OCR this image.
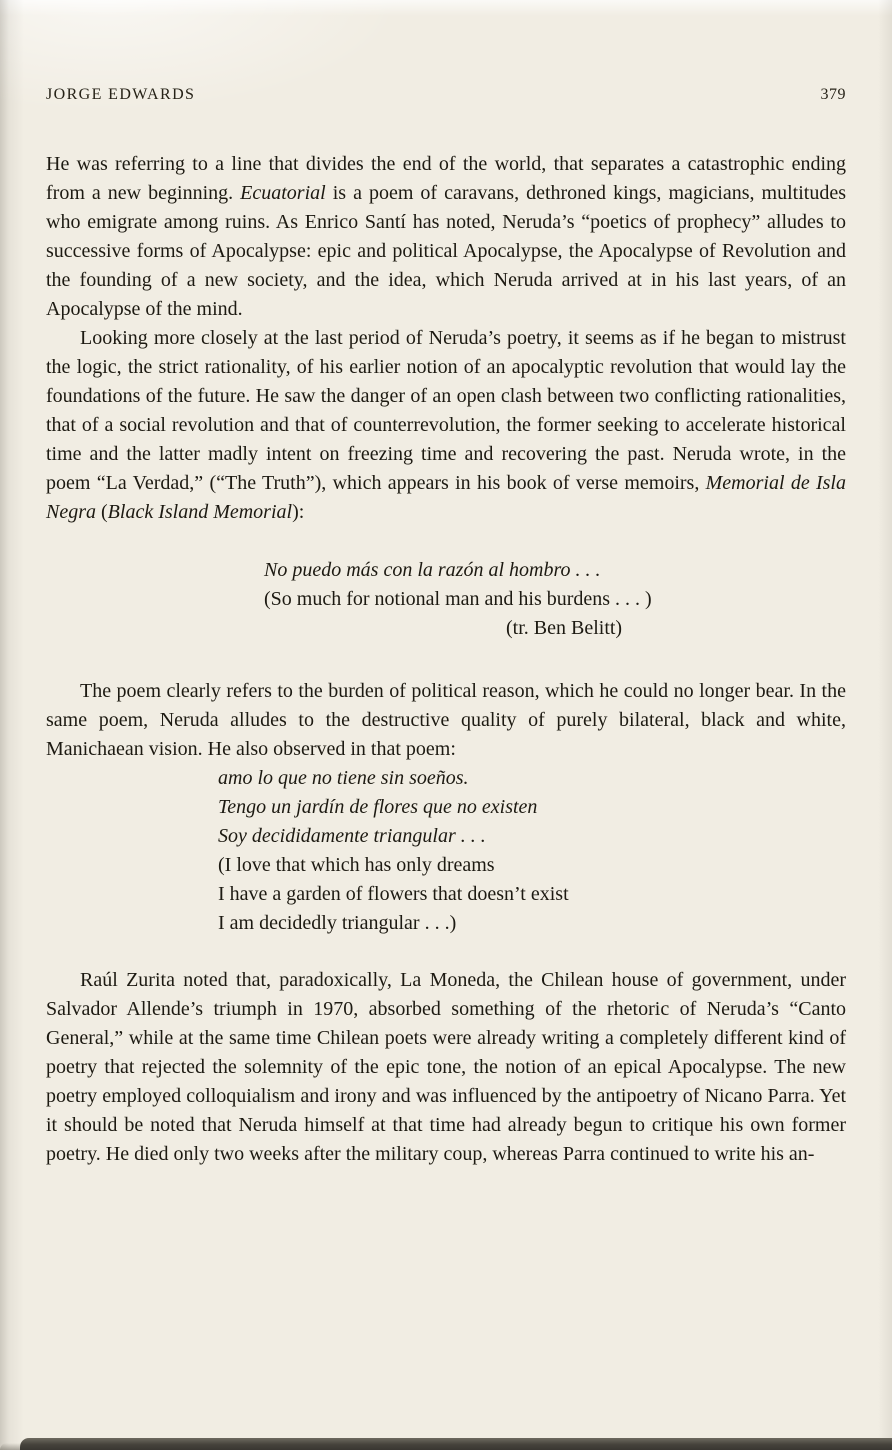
JORGE EDWARDS	379

He was referring to a line that divides the end of the world, that separates a catastrophic ending from a new beginning. Ecuatorial is a poem of caravans, dethroned kings, magicians, multitudes who emigrate among ruins. As Enrico Santí has noted, Neruda’s “poetics of prophecy” alludes to successive forms of Apocalypse: epic and political Apocalypse, the Apocalypse of Revolution and the founding of a new society, and the idea, which Neruda arrived at in his last years, of an Apocalypse of the mind.

Looking more closely at the last period of Neruda’s poetry, it seems as if he began to mistrust the logic, the strict rationality, of his earlier notion of an apocalyptic revolution that would lay the foundations of the future. He saw the danger of an open clash between two conflicting rationalities, that of a social revolution and that of counterrevolution, the former seeking to accelerate historical time and the latter madly intent on freezing time and recovering the past. Neruda wrote, in the poem “La Verdad,” (“The Truth”), which appears in his book of verse memoirs, Memorial de Isla Negra (Black Island Memorial):

No puedo más con la razón al hombro . . .
(So much for notional man and his burdens . . . )
(tr. Ben Belitt)

The poem clearly refers to the burden of political reason, which he could no longer bear. In the same poem, Neruda alludes to the destructive quality of purely bilateral, black and white, Manichaean vision. He also observed in that poem:

amo lo que no tiene sin soeños.
Tengo un jardín de flores que no existen
Soy decididamente triangular . . .
(I love that which has only dreams
I have a garden of flowers that doesn’t exist
I am decidedly triangular . . .)

Raúl Zurita noted that, paradoxically, La Moneda, the Chilean house of government, under Salvador Allende’s triumph in 1970, absorbed something of the rhetoric of Neruda’s “Canto General,” while at the same time Chilean poets were already writing a completely different kind of poetry that rejected the solemnity of the epic tone, the notion of an epical Apocalypse. The new poetry employed colloquialism and irony and was influenced by the antipoetry of Nicano Parra. Yet it should be noted that Neruda himself at that time had already begun to critique his own former poetry. He died only two weeks after the military coup, whereas Parra continued to write his an-
